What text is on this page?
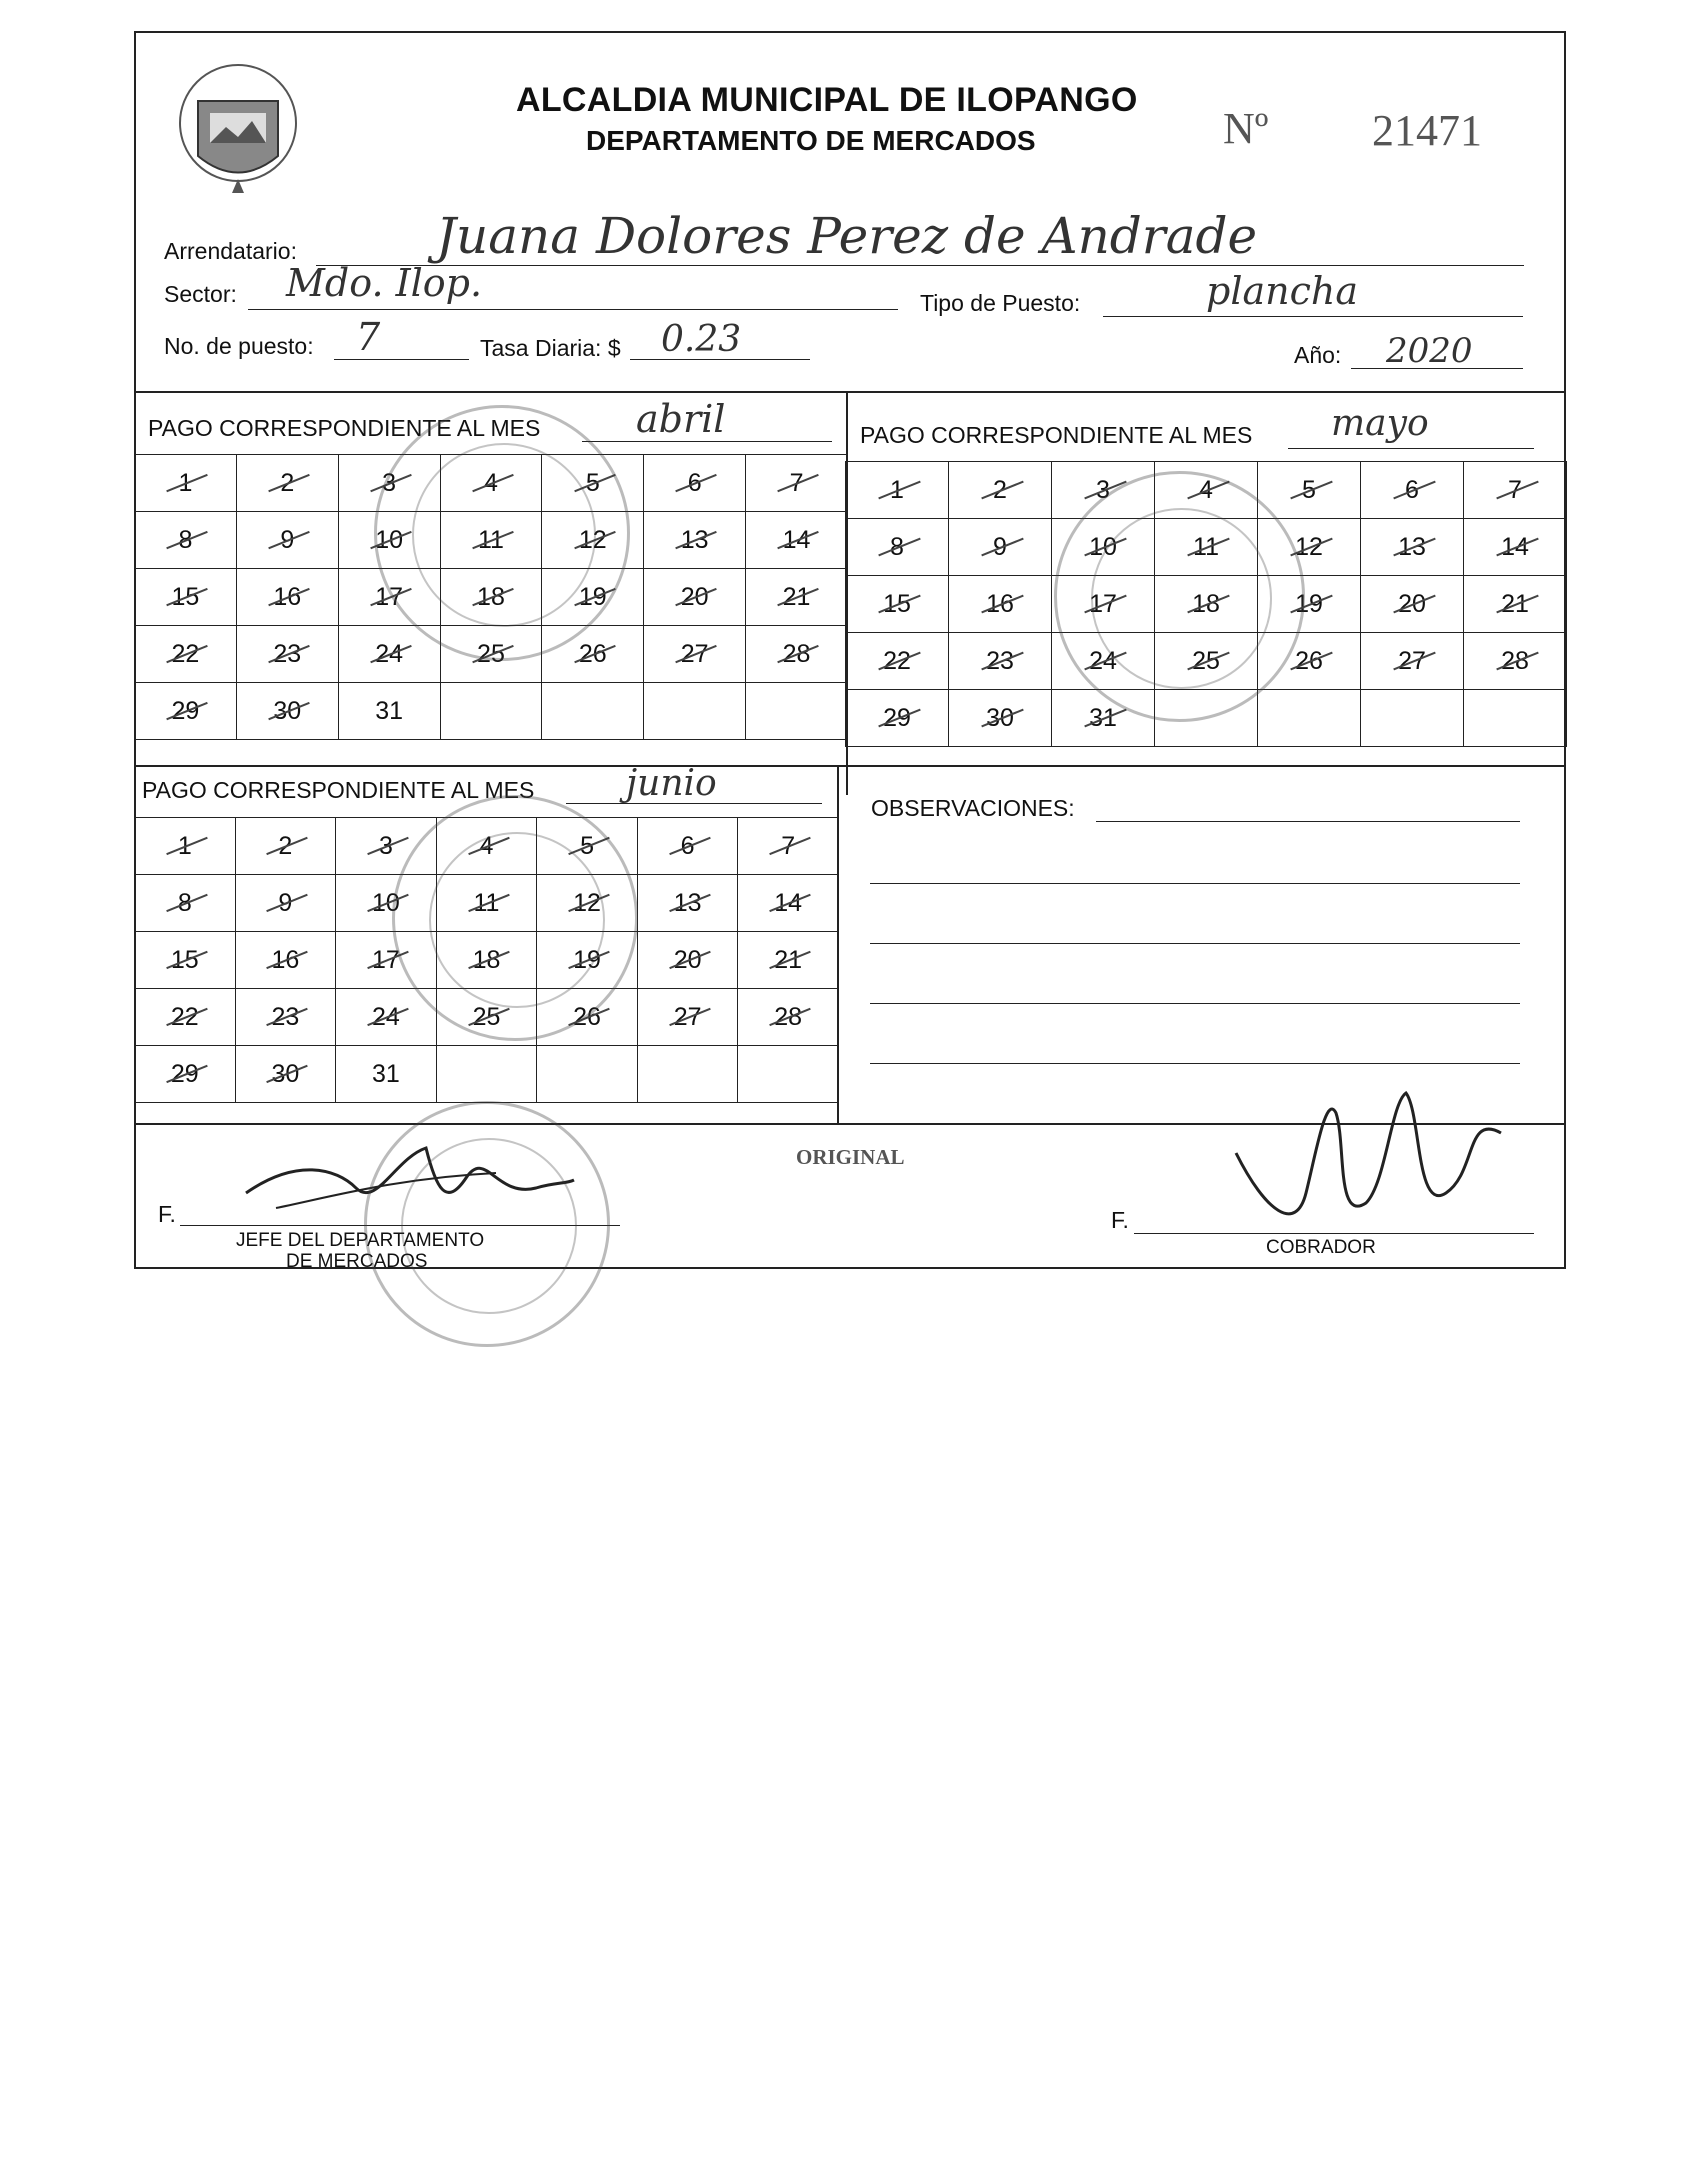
ALCALDIA MUNICIPAL DE ILOPANGO
DEPARTAMENTO DE MERCADOS	Nº 21471
Arrendatario:	Juana Dolores Perez de Andrade
Sector: Mdo. Ilop.	Tipo de Puesto:	plancha
No. de puesto: 7	Tasa Diaria: $ 0.23	Año: 2020
PAGO CORRESPONDIENTE AL MES	abril
1	2	3	4	5	6	7
8	9	10	11	12	13	14
15	16	17	18	19	20	21
22	23	24	25	26	27	28
29	30	31				
PAGO CORRESPONDIENTE AL MES mayo
1	2	3	4	5	6	7
8	9	10	11	12	13	14
15	16	17	18	19	20	21
22	23	24	25	26	27	28
29	30	31				
PAGO CORRESPONDIENTE AL MES	junio
1	2	3	4	5	6	7
8	9	10	11	12	13	14
15	16	17	18	19	20	21
22	23	24	25	26	27	28
29	30	31				
OBSERVACIONES:
ORIGINAL
F.
JEFE DEL DEPARTAMENTO
DE MERCADOS
F.
COBRADOR
